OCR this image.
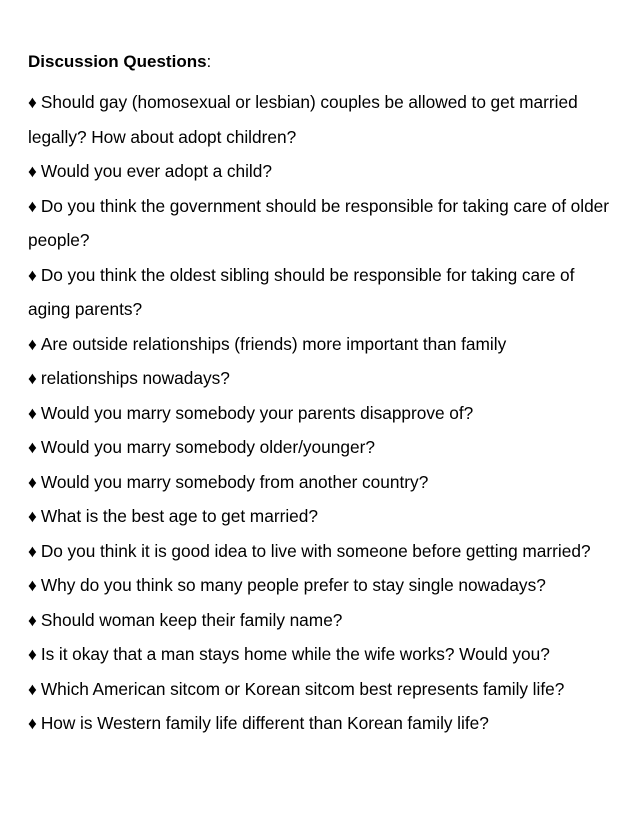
Discussion Questions:
♦ Should gay (homosexual or lesbian) couples be allowed to get married legally? How about adopt children?
♦ Would you ever adopt a child?
♦ Do you think the government should be responsible for taking care of older people?
♦ Do you think the oldest sibling should be responsible for taking care of aging parents?
♦ Are outside relationships (friends) more important than family
♦ relationships nowadays?
♦ Would you marry somebody your parents disapprove of?
♦ Would you marry somebody older/younger?
♦ Would you marry somebody from another country?
♦ What is the best age to get married?
♦ Do you think it is good idea to live with someone before getting married?
♦ Why do you think so many people prefer to stay single nowadays?
♦ Should woman keep their family name?
♦ Is it okay that a man stays home while the wife works? Would you?
♦ Which American sitcom or Korean sitcom best represents family life?
♦ How is Western family life different than Korean family life?
